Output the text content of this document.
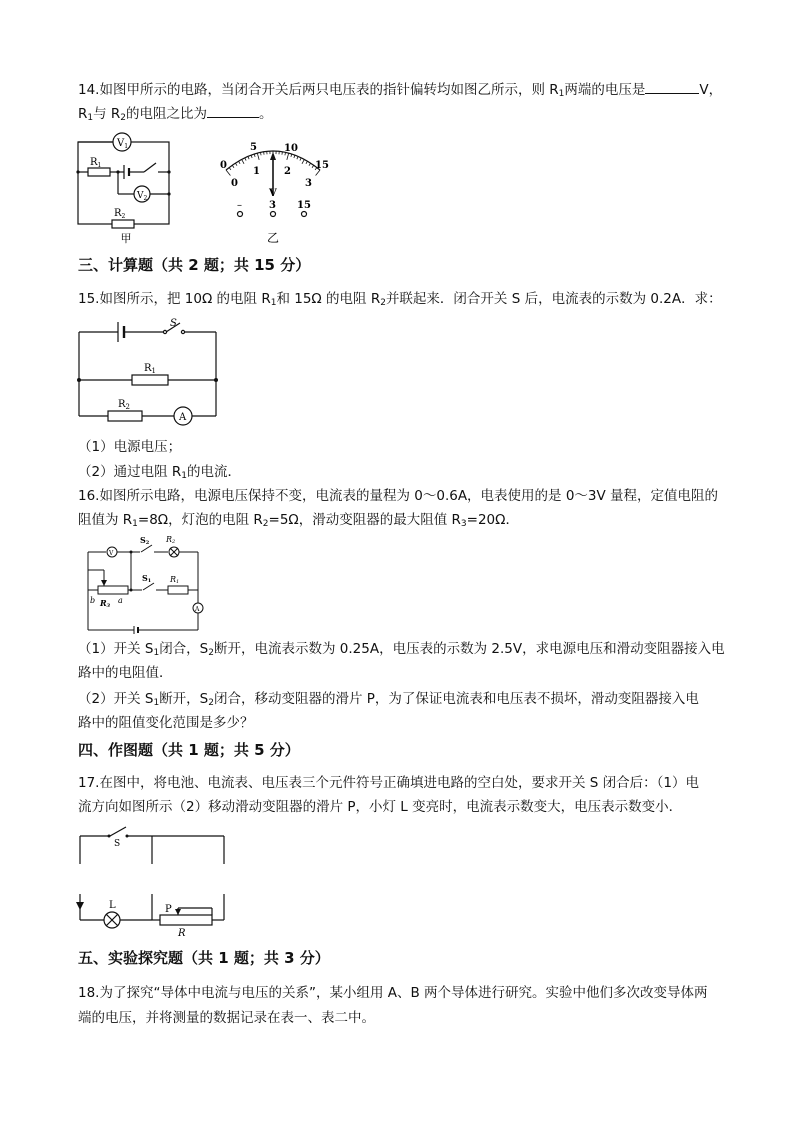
14.如图甲所示的电路，当闭合开关后两只电压表的指针偏转均如图乙所示，则 $R_1$两端的电压是	V，
$R_1$与 $R_2$的电阻之比为	。
$V_1$
$R_1$
$V_2$
$R_2$
甲
0
5	10
15
0
1 2
3
V
–	3 15
乙
三、计算题（共 2 题；共 15 分）
15.如图所示，把 10Ω 的电阻 $R_1$和 15Ω 的电阻 $R_2$并联起来．闭合开关 S 后，电流表的示数为 0.2A．求：
S
$R_1$
$R_2$
A
（1）电源电压；
（2）通过电阻 $R_1$的电流．
16.如图所示电路，电源电压保持不变，电流表的量程为 0～0.6A，电表使用的是 0～3V 量程，定值电阻的
阻值为 $R_1=8\Omega$，灯泡的电阻 $R_2=5\Omega$，滑动变阻器的最大阻值 $R_3=20\Omega$．
V
S2 R2
S1 R1
b R3
a
A
（1）开关 $S_1$闭合，$S_2$断开，电流表示数为 0.25A，电压表的示数为 2.5V，求电源电压和滑动变阻器接入电
路中的电阻值．
（2）开关 $S_1$断开，$S_2$闭合，移动变阻器的滑片 P，为了保证电流表和电压表不损坏，滑动变阻器接入电
路中的阻值变化范围是多少？
四、作图题（共 1 题；共 5 分）
17.在图中，将电池、电流表、电压表三个元件符号正确填进电路的空白处，要求开关 S 闭合后：（1）电
流方向如图所示（2）移动滑动变阻器的滑片 P，小灯 L 变亮时，电流表示数变大，电压表示数变小．
S
L	P
R
五、实验探究题（共 1 题；共 3 分）
18.为了探究“导体中电流与电压的关系”，某小组用 A、B 两个导体进行研究。实验中他们多次改变导体两
端的电压，并将测量的数据记录在表一、表二中。
